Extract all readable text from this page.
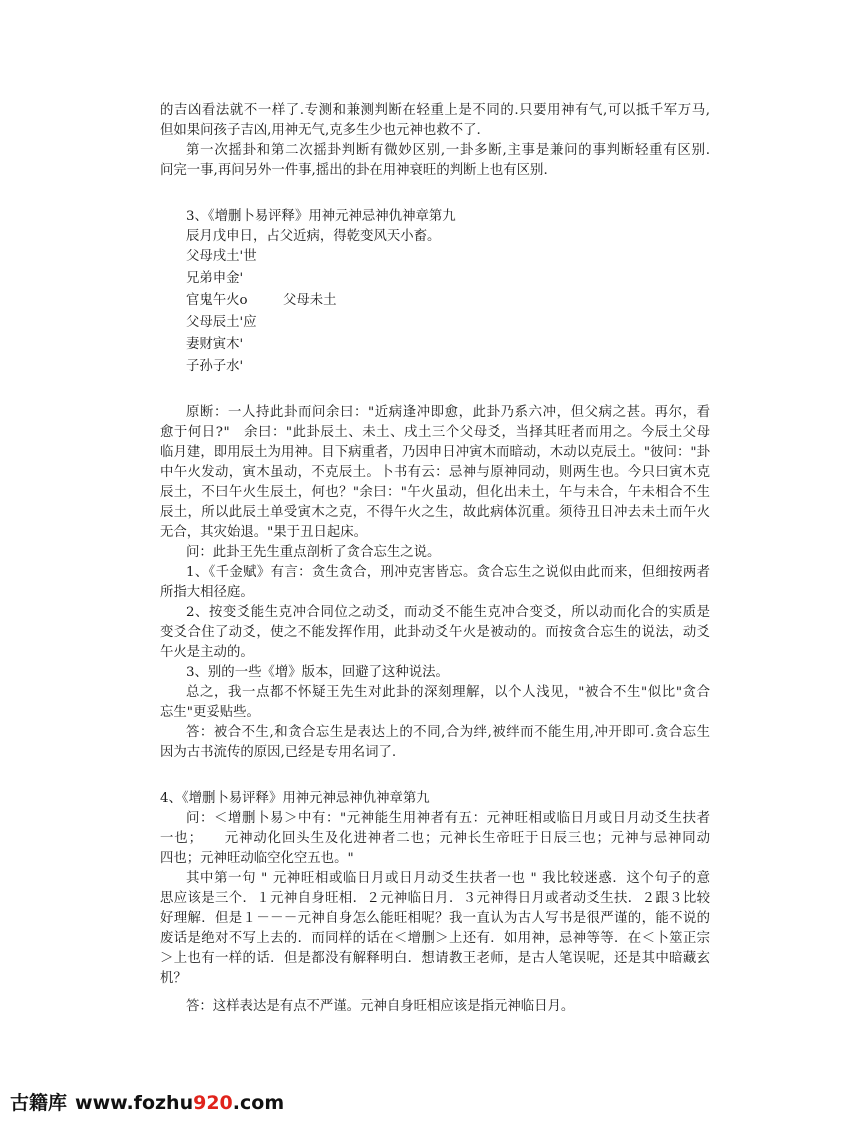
的吉凶看法就不一样了.专测和兼测判断在轻重上是不同的.只要用神有气,可以抵千军万马,
但如果问孩子吉凶,用神无气,克多生少也元神也救不了.
第一次摇卦和第二次摇卦判断有微妙区别,一卦多断,主事是兼问的事判断轻重有区别.
问完一事,再问另外一件事,摇出的卦在用神衰旺的判断上也有区别.
3、《增删卜易评释》用神元神忌神仇神章第九
辰月戊申日，占父近病，得乾变风天小畜。
父母戌土'世
兄弟申金'
官鬼午火o	父母未土
父母辰土'应
妻财寅木'
子孙子水'
原断：一人持此卦而问余曰："近病逢冲即愈，此卦乃系六冲，但父病之甚。再尔，看
愈于何日?"　余曰："此卦辰土、未土、戌土三个父母爻，当择其旺者而用之。今辰土父母
临月建，即用辰土为用神。目下病重者，乃因申日冲寅木而暗动，木动以克辰土。"彼问："卦
中午火发动，寅木虽动，不克辰土。卜书有云：忌神与原神同动，则两生也。今只曰寅木克
辰土，不曰午火生辰土，何也？"余曰："午火虽动，但化出未土，午与未合，午未相合不生
辰土，所以此辰土单受寅木之克，不得午火之生，故此病体沉重。须待丑日冲去未土而午火
无合，其灾始退。"果于丑日起床。
问：此卦王先生重点剖析了贪合忘生之说。
1、《千金赋》有言：贪生贪合，刑冲克害皆忘。贪合忘生之说似由此而来，但细按两者
所指大相径庭。
2、按变爻能生克冲合同位之动爻，而动爻不能生克冲合变爻，所以动而化合的实质是
变爻合住了动爻，使之不能发挥作用，此卦动爻午火是被动的。而按贪合忘生的说法，动爻
午火是主动的。
3、别的一些《增》版本，回避了这种说法。
总之，我一点都不怀疑王先生对此卦的深刻理解，以个人浅见，"被合不生"似比"贪合
忘生"更妥贴些。
答：被合不生,和贪合忘生是表达上的不同,合为绊,被绊而不能生用,冲开即可.贪合忘生
因为古书流传的原因,已经是专用名词了.
4、《增删卜易评释》用神元神忌神仇神章第九
问：＜增删卜易＞中有："元神能生用神者有五：元神旺相或临日月或日月动爻生扶者
一也；　　元神动化回头生及化进神者二也；元神长生帝旺于日辰三也；元神与忌神同动
四也；元神旺动临空化空五也。"
其中第一句 " 元神旺相或临日月或日月动爻生扶者一也 " 我比较迷惑．这个句子的意
思应该是三个．１元神自身旺相．２元神临日月．３元神得日月或者动爻生扶．２跟３比较
好理解．但是１－－－元神自身怎么能旺相呢？我一直认为古人写书是很严谨的，能不说的
废话是绝对不写上去的．而同样的话在＜增删＞上还有．如用神，忌神等等．在＜卜筮正宗
＞上也有一样的话．但是都没有解释明白．想请教王老师，是古人笔误呢，还是其中暗藏玄
机？
答：这样表达是有点不严谨。元神自身旺相应该是指元神临日月。
古籍库 www.fozhu920.com
